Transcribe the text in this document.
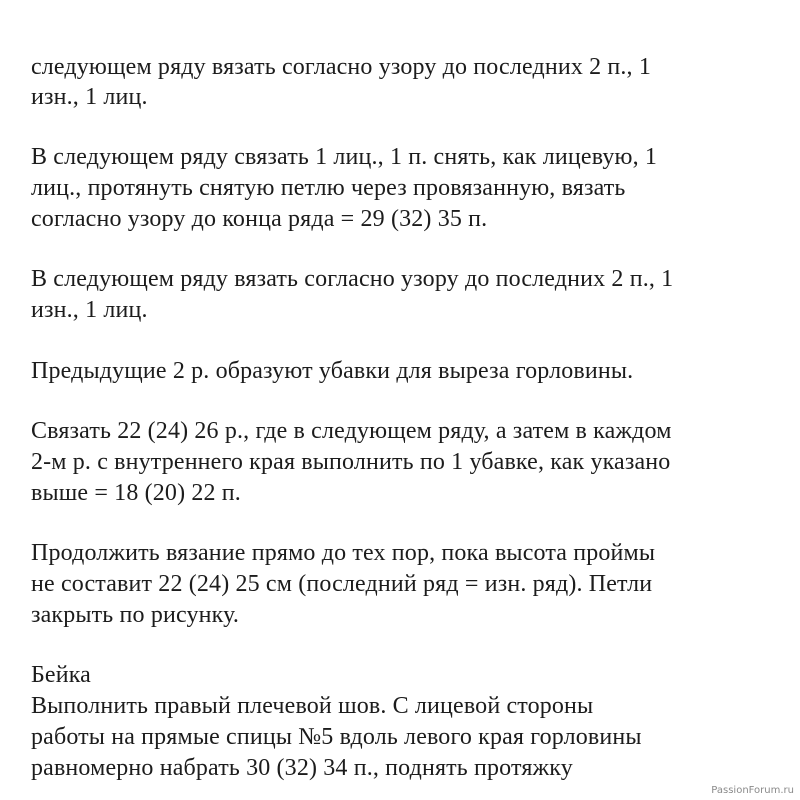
следующем ряду вязать согласно узору до последних 2 п., 1

изн., 1 лиц.

В следующем ряду связать 1 лиц., 1 п. снять, как лицевую, 1

лиц., протянуть снятую петлю через провязанную, вязать

согласно узору до конца ряда = 29 (32) 35 п.

В следующем ряду вязать согласно узору до последних 2 п., 1

изн., 1 лиц.

Предыдущие 2 р. образуют убавки для выреза горловины.

Связать 22 (24) 26 р., где в следующем ряду, а затем в каждом

2-м р. с внутреннего края выполнить по 1 убавке, как указано

выше = 18 (20) 22 п.

Продолжить вязание прямо до тех пор, пока высота проймы

не составит 22 (24) 25 см (последний ряд = изн. ряд). Петли

закрыть по рисунку.

Бейка

Выполнить правый плечевой шов. С лицевой стороны

работы на прямые спицы №5 вдоль левого края горловины

равномерно набрать 30 (32) 34 п., поднять протяжку

PassionForum.ru
